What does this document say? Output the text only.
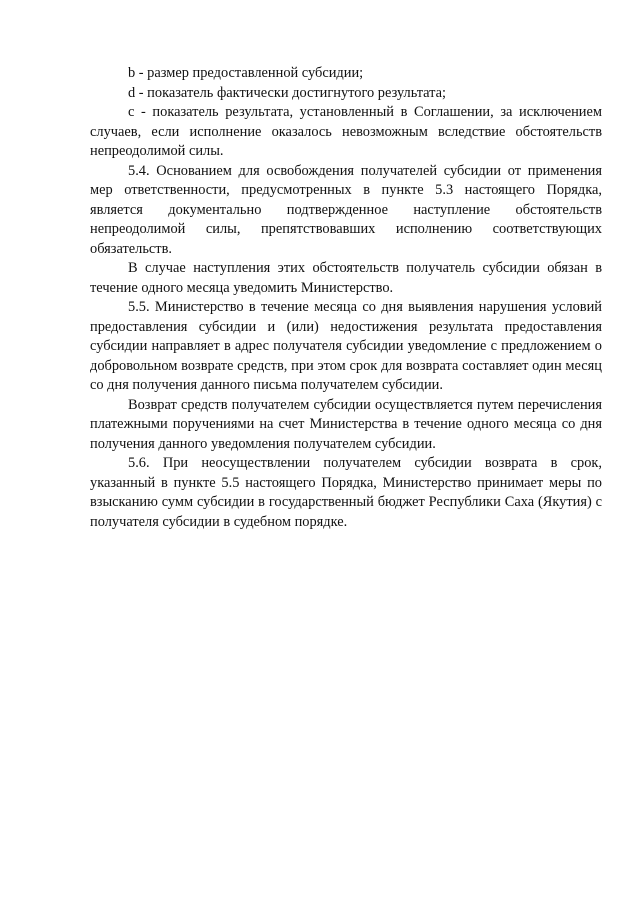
b - размер предоставленной субсидии;

d - показатель фактически достигнутого результата;

c - показатель результата, установленный в Соглашении, за исключением случаев, если исполнение оказалось невозможным вследствие обстоятельств непреодолимой силы.

5.4. Основанием для освобождения получателей субсидии от применения мер ответственности, предусмотренных в пункте 5.3 настоящего Порядка, является документально подтвержденное наступление обстоятельств непреодолимой силы, препятствовавших исполнению соответствующих обязательств.

В случае наступления этих обстоятельств получатель субсидии обязан в течение одного месяца уведомить Министерство.

5.5. Министерство в течение месяца со дня выявления нарушения условий предоставления субсидии и (или) недостижения результата предоставления субсидии направляет в адрес получателя субсидии уведомление с предложением о добровольном возврате средств, при этом срок для возврата составляет один месяц со дня получения данного письма получателем субсидии.

Возврат средств получателем субсидии осуществляется путем перечисления платежными поручениями на счет Министерства в течение одного месяца со дня получения данного уведомления получателем субсидии.

5.6. При неосуществлении получателем субсидии возврата в срок, указанный в пункте 5.5 настоящего Порядка, Министерство принимает меры по взысканию сумм субсидии в государственный бюджет Республики Саха (Якутия) с получателя субсидии в судебном порядке.
